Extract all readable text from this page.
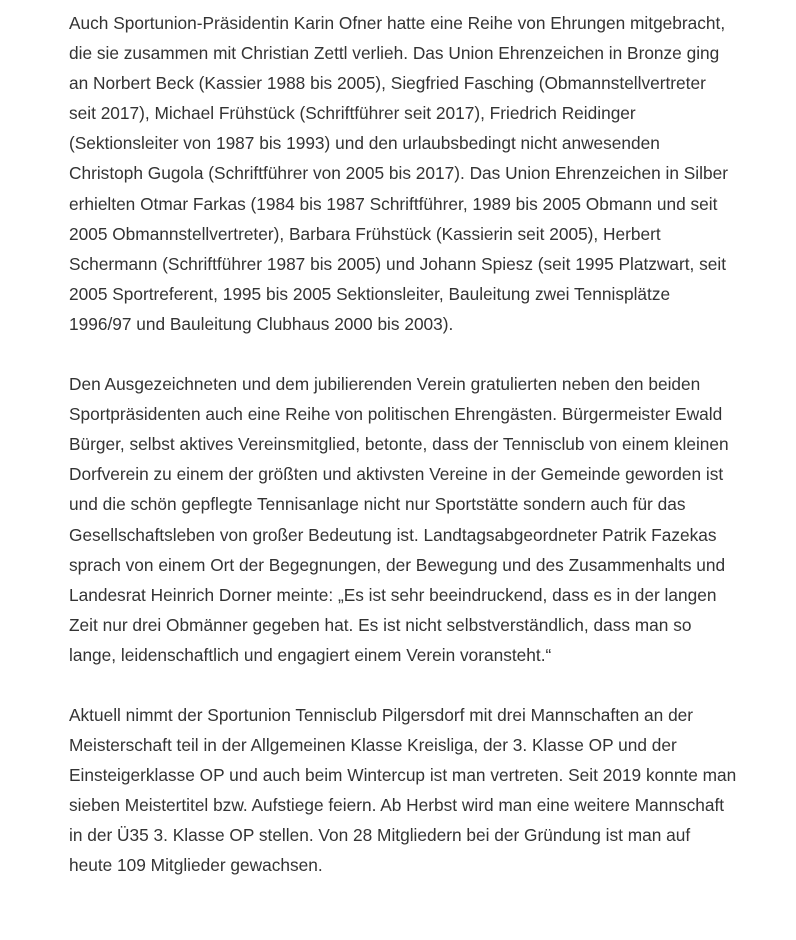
Auch Sportunion-Präsidentin Karin Ofner hatte eine Reihe von Ehrungen mitgebracht, die sie zusammen mit Christian Zettl verlieh. Das Union Ehrenzeichen in Bronze ging an Norbert Beck (Kassier 1988 bis 2005), Siegfried Fasching (Obmannstellvertreter seit 2017), Michael Frühstück (Schriftführer seit 2017), Friedrich Reidinger (Sektionsleiter von 1987 bis 1993) und den urlaubsbedingt nicht anwesenden Christoph Gugola (Schriftführer von 2005 bis 2017). Das Union Ehrenzeichen in Silber erhielten Otmar Farkas (1984 bis 1987 Schriftführer, 1989 bis 2005 Obmann und seit 2005 Obmannstellvertreter), Barbara Frühstück (Kassierin seit 2005), Herbert Schermann (Schriftführer 1987 bis 2005) und Johann Spiesz (seit 1995 Platzwart, seit 2005 Sportreferent, 1995 bis 2005 Sektionsleiter, Bauleitung zwei Tennisplätze 1996/97 und Bauleitung Clubhaus 2000 bis 2003).

Den Ausgezeichneten und dem jubilierenden Verein gratulierten neben den beiden Sportpräsidenten auch eine Reihe von politischen Ehrengästen. Bürgermeister Ewald Bürger, selbst aktives Vereinsmitglied, betonte, dass der Tennisclub von einem kleinen Dorfverein zu einem der größten und aktivsten Vereine in der Gemeinde geworden ist und die schön gepflegte Tennisanlage nicht nur Sportstätte sondern auch für das Gesellschaftsleben von großer Bedeutung ist. Landtagsabgeordneter Patrik Fazekas sprach von einem Ort der Begegnungen, der Bewegung und des Zusammenhalts und Landesrat Heinrich Dorner meinte: „Es ist sehr beeindruckend, dass es in der langen Zeit nur drei Obmänner gegeben hat. Es ist nicht selbstverständlich, dass man so lange, leidenschaftlich und engagiert einem Verein voransteht.“

Aktuell nimmt der Sportunion Tennisclub Pilgersdorf mit drei Mannschaften an der Meisterschaft teil in der Allgemeinen Klasse Kreisliga, der 3. Klasse OP und der Einsteigerklasse OP und auch beim Wintercup ist man vertreten. Seit 2019 konnte man sieben Meistertitel bzw. Aufstiege feiern. Ab Herbst wird man eine weitere Mannschaft in der Ü35 3. Klasse OP stellen. Von 28 Mitgliedern bei der Gründung ist man auf heute 109 Mitglieder gewachsen.
